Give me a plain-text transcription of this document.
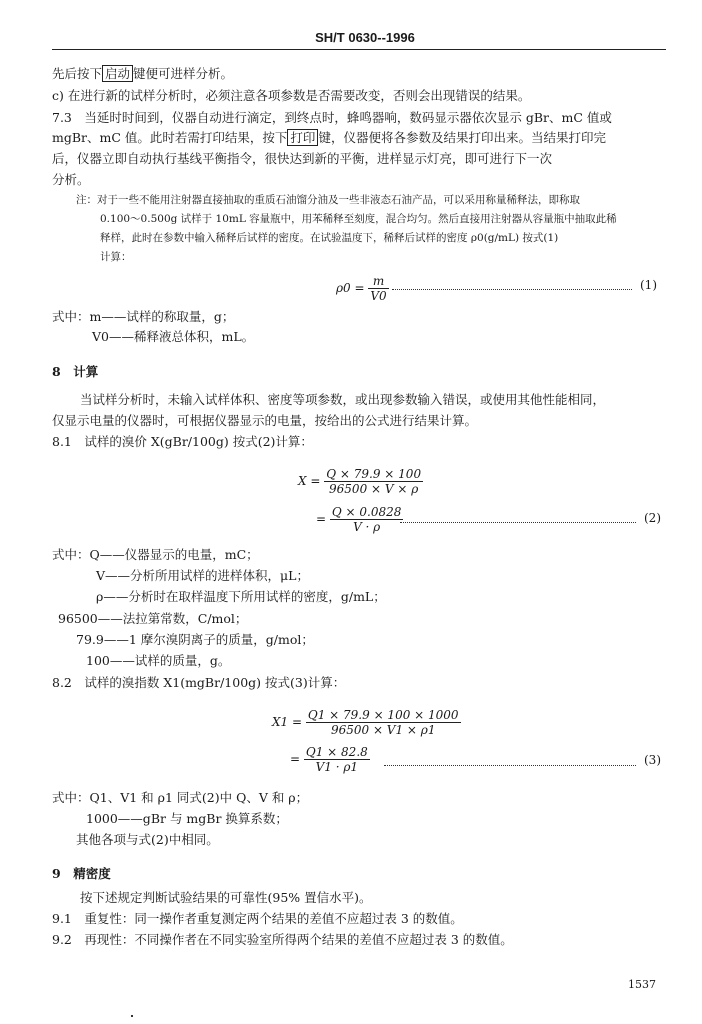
SH/T 0630--1996
先后按下 启动 键便可进样分析。
c) 在进行新的试样分析时，必须注意各项参数是否需要改变，否则会出现错误的结果。
7.3　当延时时间到，仪器自动进行滴定，到终点时，蜂鸣器响，数码显示器依次显示 gBr、mC 值或
mgBr、mC 值。此时若需打印结果，按下 打印 键，仪器便将各参数及结果打印出来。当结果打印完
后，仪器立即自动执行基线平衡指令，很快达到新的平衡，进样显示灯亮，即可进行下一次
分析。
注：对于一些不能用注射器直接抽取的重质石油馏分油及一些非液态石油产品，可以采用称量稀释法，即称取
0.100～0.500g 试样于 10mL 容量瓶中，用苯稀释至刻度，混合均匀。然后直接用注射器从容量瓶中抽取此稀
释样，此时在参数中输入稀释后试样的密度。在试验温度下，稀释后试样的密度 ρ0(g/mL) 按式(1)
计算：
$\rho 0 = \frac{m}{V0}$	(1)
式中：m——试样的称取量，g；
V0——稀释液总体积，mL。
8　计算
当试样分析时，未输入试样体积、密度等项参数，或出现参数输入错误，或使用其他性能相同，
仅显示电量的仪器时，可根据仪器显示的电量，按给出的公式进行结果计算。
8.1　试样的溴价 X(gBr/100g) 按式(2)计算：
$X = \frac{Q \times 79.9 \times 100}{96500 \times V \times \rho}$
= $\frac{Q \times 0.0828}{V \cdot \rho}$	(2)
式中：Q——仪器显示的电量，mC；
V——分析所用试样的进样体积，μL；
ρ——分析时在取样温度下所用试样的密度，g/mL；
96500——法拉第常数，C/mol；
79.9——1 摩尔溴阴离子的质量，g/mol；
100——试样的质量，g。
8.2　试样的溴指数 X1(mgBr/100g) 按式(3)计算：
$X1 = \frac{Q1 \times 79.9 \times 100 \times 1000}{96500 \times V1 \times \rho 1}$
= $\frac{Q1 \times 82.8}{V1 \cdot \rho 1}$	(3)
式中：Q1、V1 和 ρ1 同式(2)中 Q、V 和 ρ；
1000——gBr 与 mgBr 换算系数；
其他各项与式(2)中相同。
9　精密度
按下述规定判断试验结果的可靠性(95% 置信水平)。
9.1　重复性：同一操作者重复测定两个结果的差值不应超过表 3 的数值。
9.2　再现性：不同操作者在不同实验室所得两个结果的差值不应超过表 3 的数值。
1537
